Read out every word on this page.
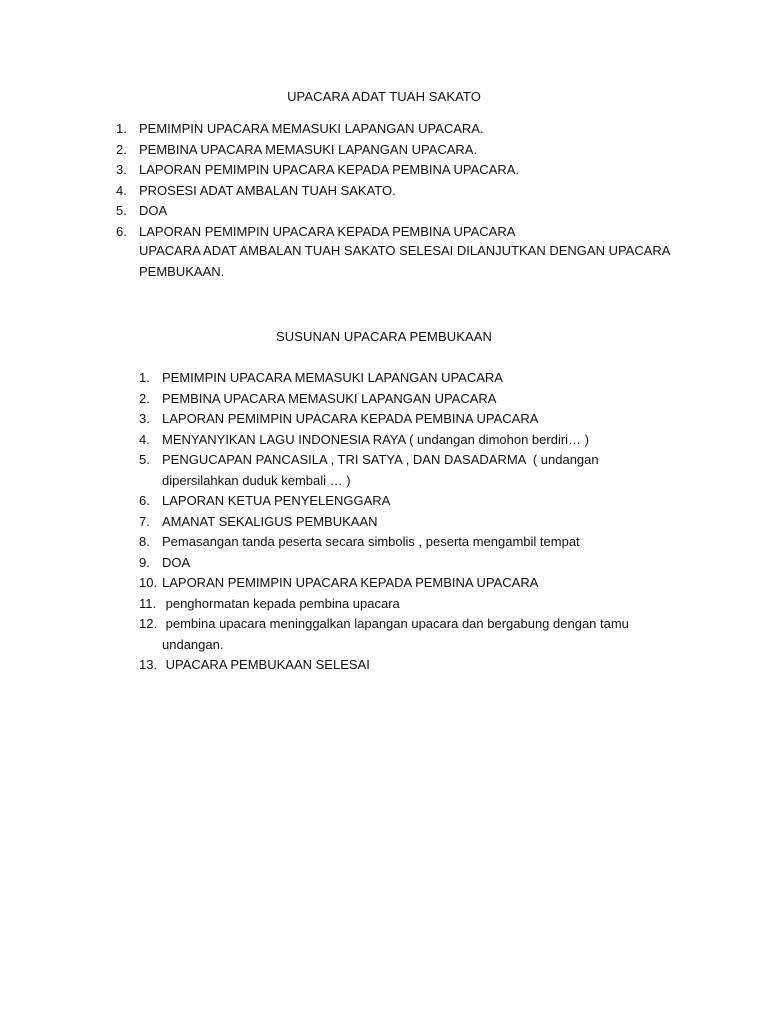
UPACARA ADAT TUAH SAKATO
1. PEMIMPIN UPACARA MEMASUKI LAPANGAN UPACARA.
2. PEMBINA UPACARA MEMASUKI LAPANGAN UPACARA.
3. LAPORAN PEMIMPIN UPACARA KEPADA PEMBINA UPACARA.
4. PROSESI ADAT AMBALAN TUAH SAKATO.
5. DOA
6. LAPORAN PEMIMPIN UPACARA KEPADA PEMBINA UPACARA
UPACARA ADAT AMBALAN TUAH SAKATO SELESAI DILANJUTKAN DENGAN UPACARA
PEMBUKAAN.
SUSUNAN UPACARA PEMBUKAAN
1. PEMIMPIN UPACARA MEMASUKI LAPANGAN UPACARA
2. PEMBINA UPACARA MEMASUKI LAPANGAN UPACARA
3. LAPORAN PEMIMPIN UPACARA KEPADA PEMBINA UPACARA
4. MENYANYIKAN LAGU INDONESIA RAYA ( undangan dimohon berdiri… )
5. PENGUCAPAN PANCASILA , TRI SATYA , DAN DASADARMA  ( undangan
dipersilahkan duduk kembali … )
6. LAPORAN KETUA PENYELENGGARA
7. AMANAT SEKALIGUS PEMBUKAAN
8. Pemasangan tanda peserta secara simbolis , peserta mengambil tempat
9. DOA
10. LAPORAN PEMIMPIN UPACARA KEPADA PEMBINA UPACARA
11. penghormatan kepada pembina upacara
12. pembina upacara meninggalkan lapangan upacara dan bergabung dengan tamu
undangan.
13. UPACARA PEMBUKAAN SELESAI
